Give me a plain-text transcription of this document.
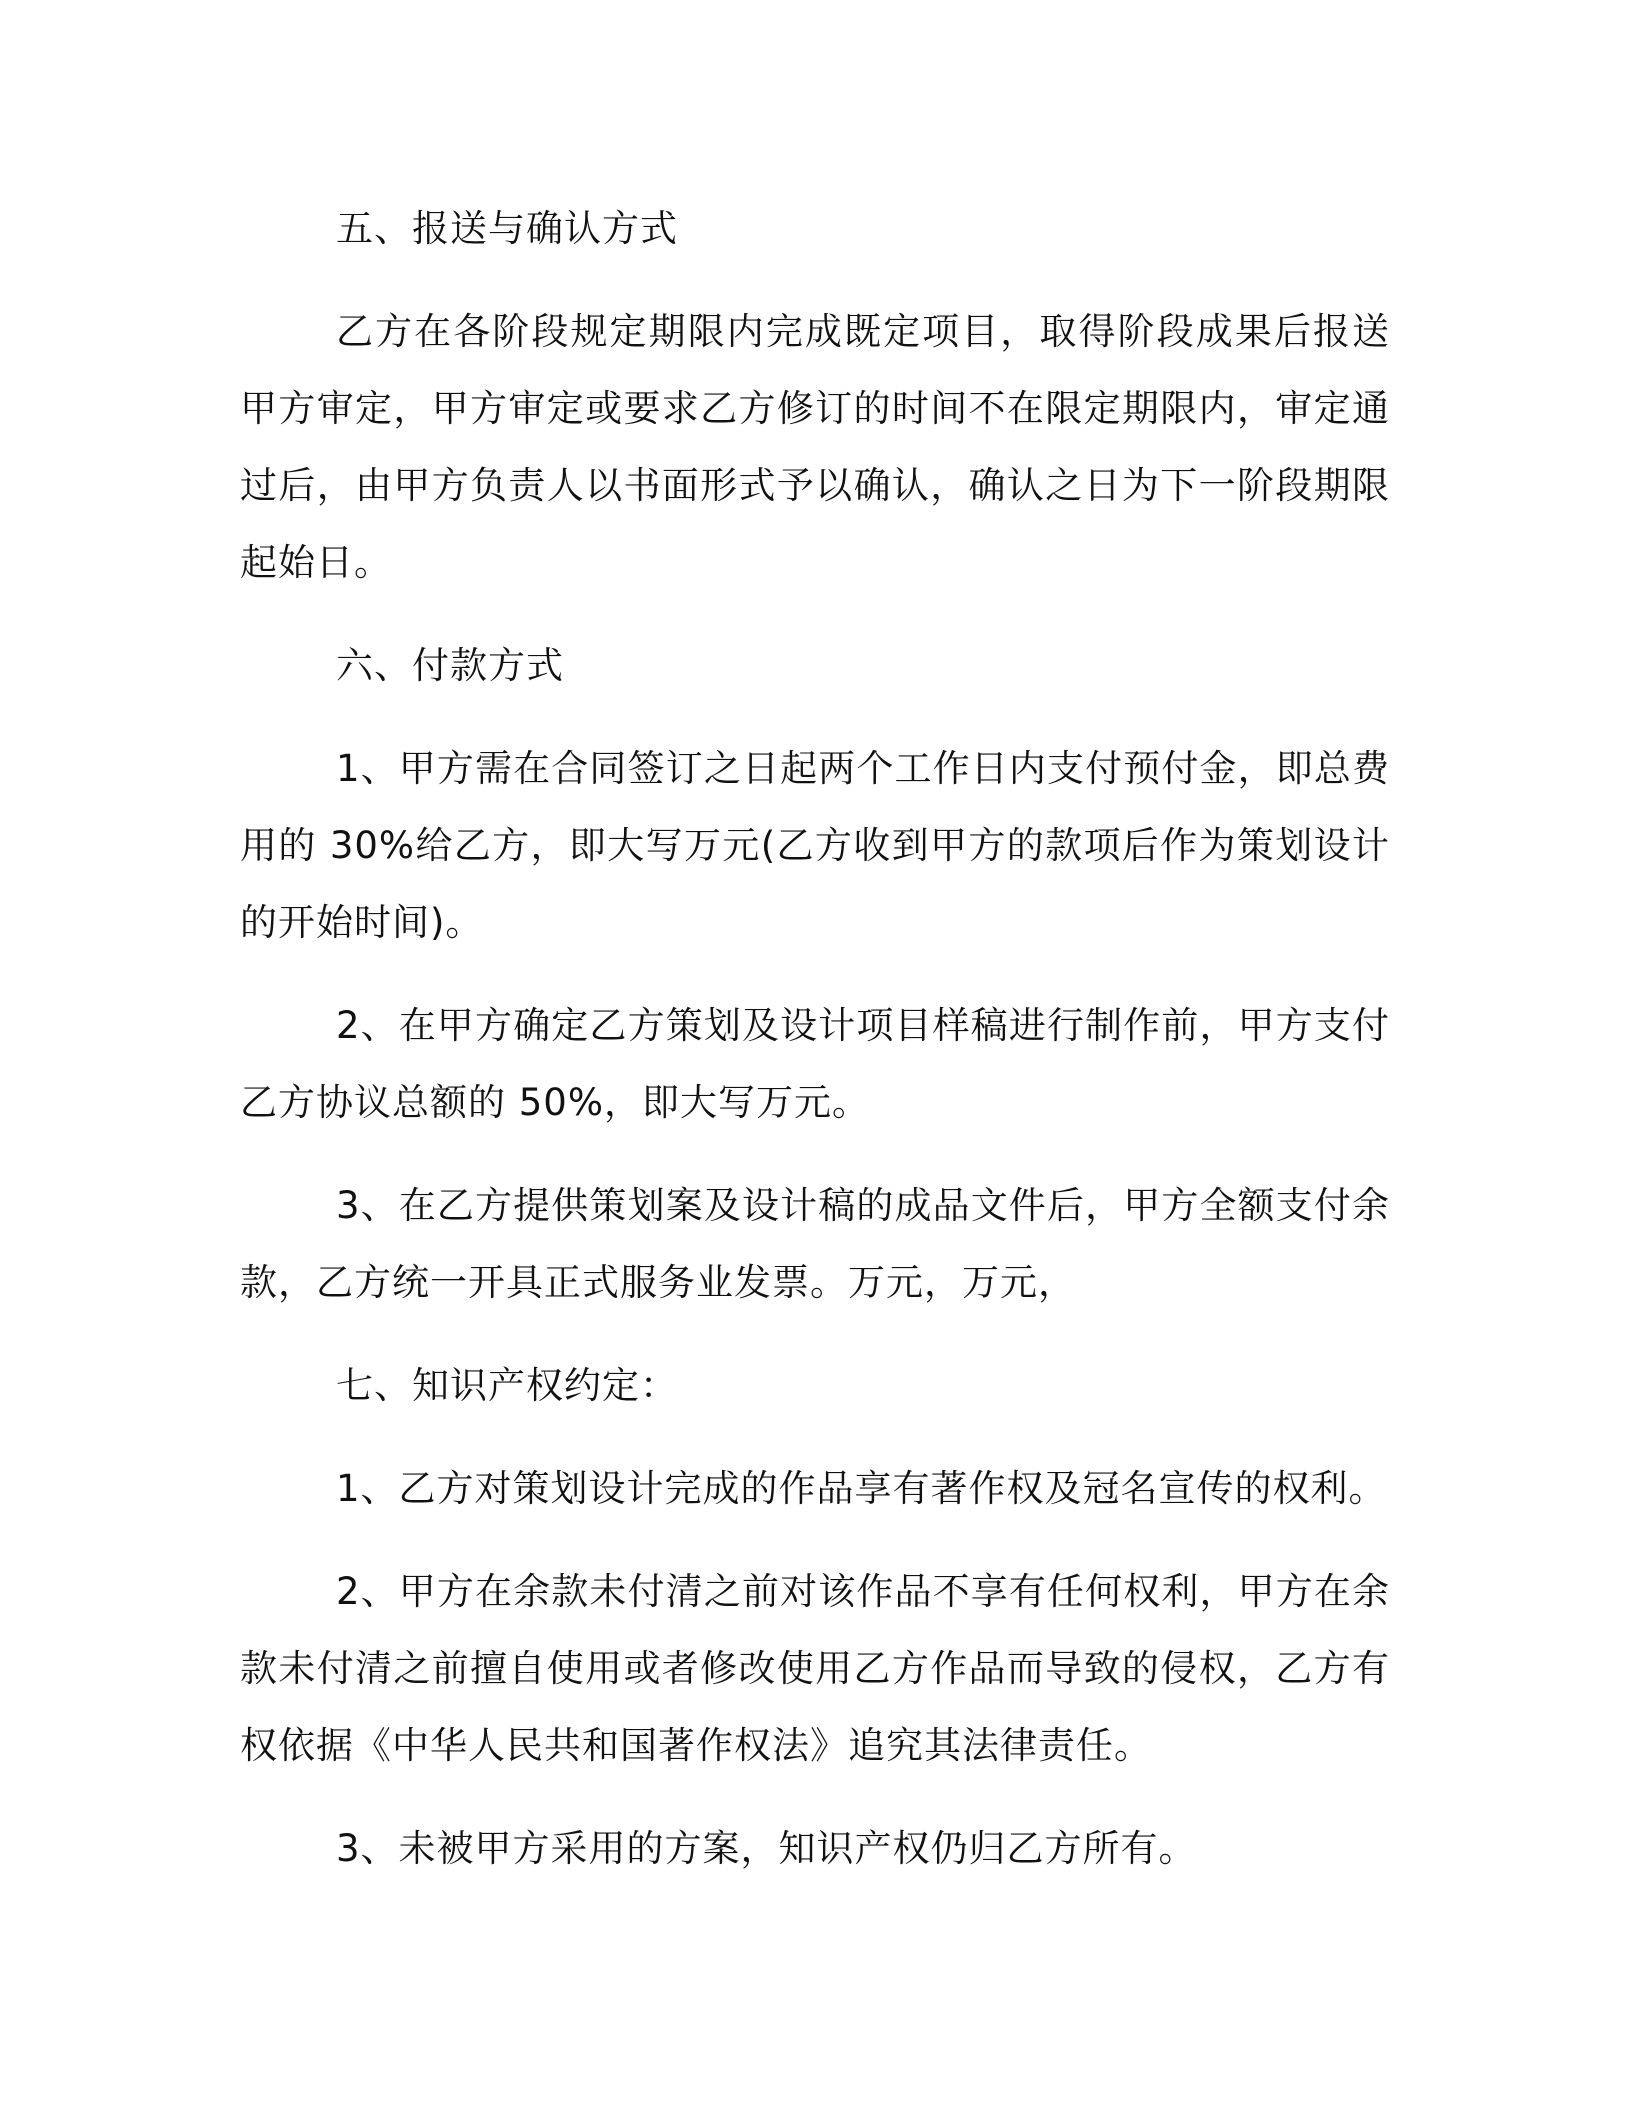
五、报送与确认方式

乙方在各阶段规定期限内完成既定项目，取得阶段成果后报送甲方审定，甲方审定或要求乙方修订的时间不在限定期限内，审定通过后，由甲方负责人以书面形式予以确认，确认之日为下一阶段期限起始日。

六、付款方式

1、甲方需在合同签订之日起两个工作日内支付预付金，即总费用的 30%给乙方，即大写万元(乙方收到甲方的款项后作为策划设计的开始时间)。

2、在甲方确定乙方策划及设计项目样稿进行制作前，甲方支付乙方协议总额的 50%，即大写万元。

3、在乙方提供策划案及设计稿的成品文件后，甲方全额支付余款，乙方统一开具正式服务业发票。万元，万元，

七、知识产权约定：

1、乙方对策划设计完成的作品享有著作权及冠名宣传的权利。

2、甲方在余款未付清之前对该作品不享有任何权利，甲方在余款未付清之前擅自使用或者修改使用乙方作品而导致的侵权，乙方有权依据《中华人民共和国著作权法》追究其法律责任。

3、未被甲方采用的方案，知识产权仍归乙方所有。
